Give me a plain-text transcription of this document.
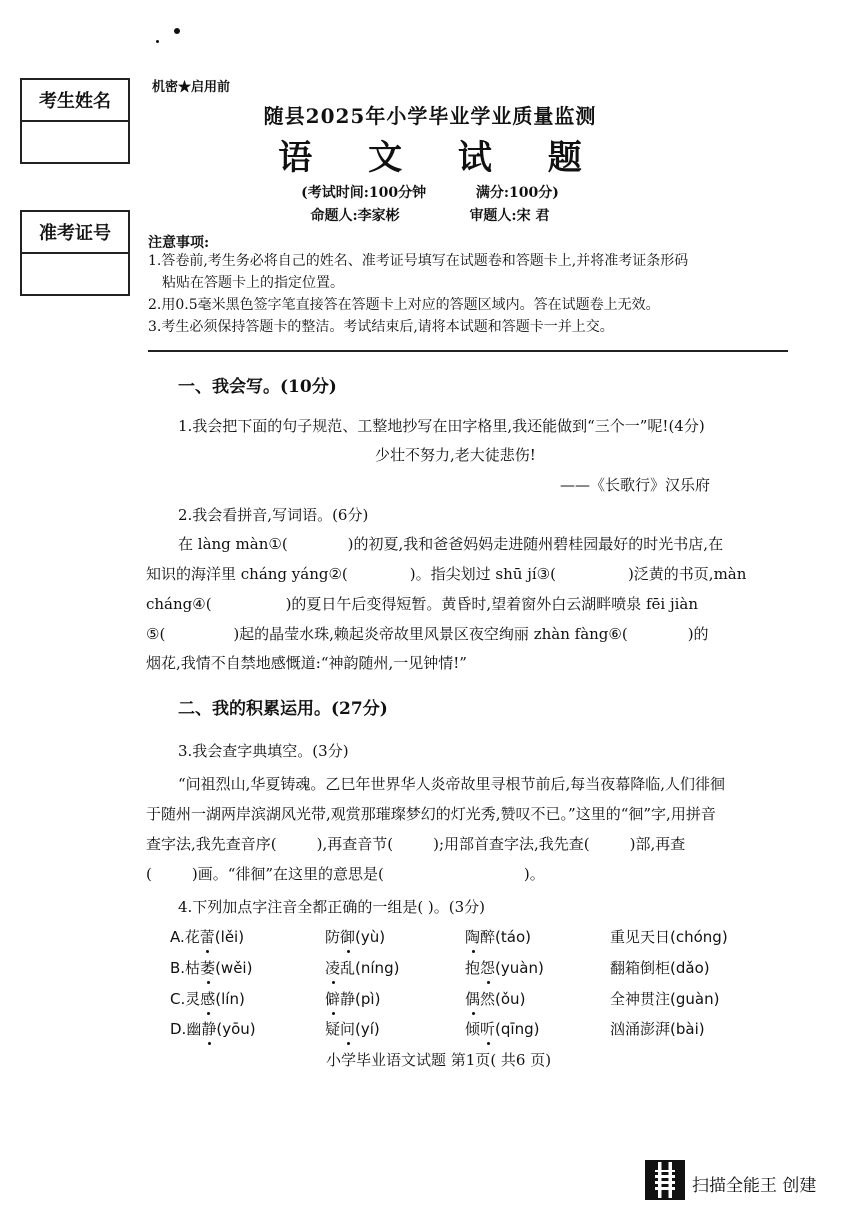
考生姓名
准考证号
机密★启用前
随县2025年小学毕业学业质量监测
语 文 试 题
(考试时间:100分钟	满分:100分)
命题人:李家彬	审题人:宋 君
注意事项:
1.答卷前,考生务必将自己的姓名、准考证号填写在试题卷和答题卡上,并将准考证条形码
粘贴在答题卡上的指定位置。
2.用0.5毫米黑色签字笔直接答在答题卡上对应的答题区域内。答在试题卷上无效。
3.考生必须保持答题卡的整洁。考试结束后,请将本试题和答题卡一并上交。
一、我会写。(10分)
1.我会把下面的句子规范、工整地抄写在田字格里,我还能做到“三个一”呢!(4分)
少壮不努力,老大徒悲伤!
——《长歌行》汉乐府
2.我会看拼音,写词语。(6分)
在 làng màn①(	)的初夏,我和爸爸妈妈走进随州碧桂园最好的时光书店,在
知识的海洋里 cháng yáng②(	)。指尖划过 shū jí③(	)泛黄的书页,màn
cháng④(	)的夏日午后变得短暂。黄昏时,望着窗外白云湖畔喷泉 fēi jiàn
⑤(	)起的晶莹水珠,赖起炎帝故里风景区夜空绚丽 zhàn fàng⑥(	)的
烟花,我情不自禁地感慨道:“神韵随州,一见钟情!”
二、我的积累运用。(27分)
3.我会查字典填空。(3分)
“问祖烈山,华夏铸魂。乙巳年世界华人炎帝故里寻根节前后,每当夜幕降临,人们徘徊
于随州一湖两岸滨湖风光带,观赏那璀璨梦幻的灯光秀,赞叹不已。”这里的“徊”字,用拼音
查字法,我先查音序(	),再查音节(	);用部首查字法,我先查(	)部,再查
(	)画。“徘徊”在这里的意思是(	)。
4.下列加点字注音全都正确的一组是( )。(3分)
A.花蕾(lěi)	防御(yù)	陶醉(táo)	重见天日(chóng)
B.枯萎(wěi)	凌乱(níng)	抱怨(yuàn)	翻箱倒柜(dǎo)
C.灵感(lín)	僻静(pì)	偶然(ǒu)	全神贯注(guàn)
D.幽静(yōu)	疑问(yí)	倾听(qīng)	汹涌澎湃(bài)
小学毕业语文试题 第1页( 共6 页)
扫描全能王 创建
